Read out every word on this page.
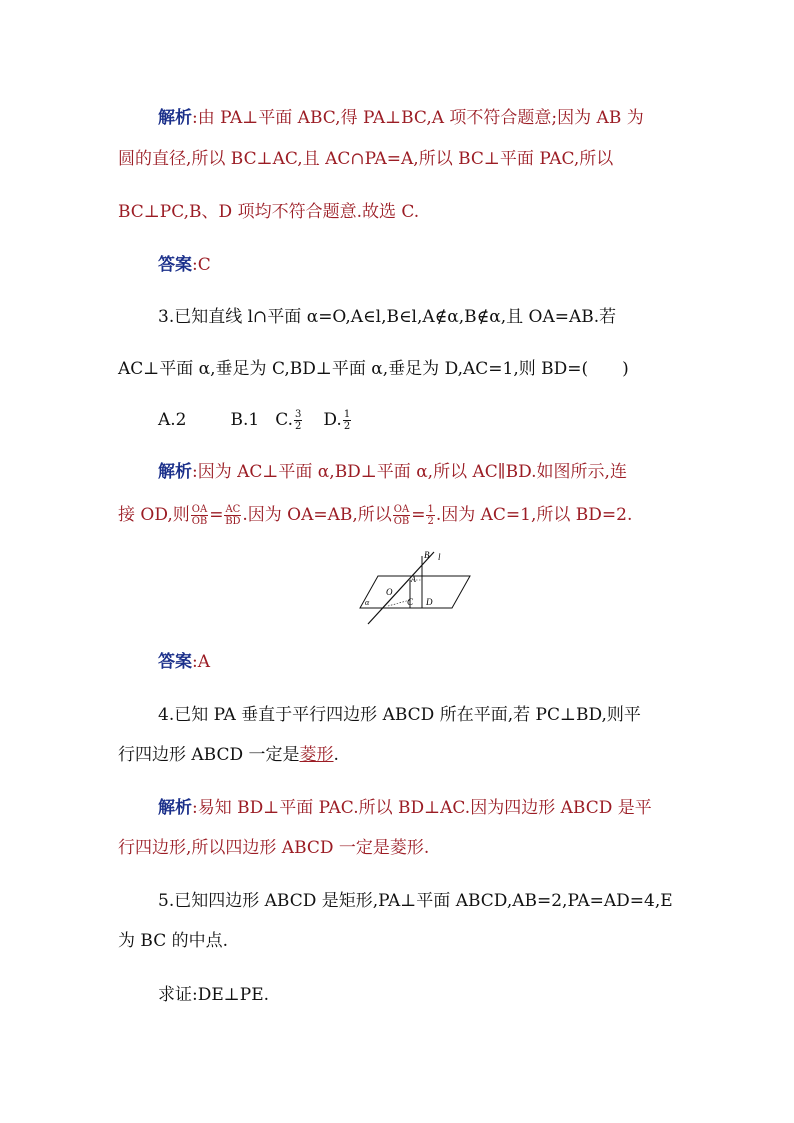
解析:由 PA⊥平面 ABC,得 PA⊥BC,A 项不符合题意;因为 AB 为
圆的直径,所以 BC⊥AC,且 AC∩PA=A,所以 BC⊥平面 PAC,所以
BC⊥PC,B、D 项均不符合题意.故选 C.
答案:C
3.已知直线 l∩平面 α=O,A∈l,B∈l,A∉α,B∉α,且 OA=AB.若
AC⊥平面 α,垂足为 C,BD⊥平面 α,垂足为 D,AC=1,则 BD=(　　)
A.2	B.1 C. $\frac{3}{2} D$. $\frac{1}{2}$
解析:因为 AC⊥平面 α,BD⊥平面 α,所以 AC∥BD.如图所示,连
接 OD,则 $\frac{OA}{OB} = \frac{AC}{BD}$ .因为 OA=AB,所以 $\frac{OA}{OB} = \frac{1}{2}$ .因为 AC=1,所以 BD=2.
B l
O
A
α	C D
答案:A
4.已知 PA 垂直于平行四边形 ABCD 所在平面,若 PC⊥BD,则平
行四边形 ABCD 一定是菱形.
解析:易知 BD⊥平面 PAC.所以 BD⊥AC.因为四边形 ABCD 是平
行四边形,所以四边形 ABCD 一定是菱形.
5.已知四边形 ABCD 是矩形,PA⊥平面 ABCD,AB=2,PA=AD=4,E
为 BC 的中点.
求证:DE⊥PE.
